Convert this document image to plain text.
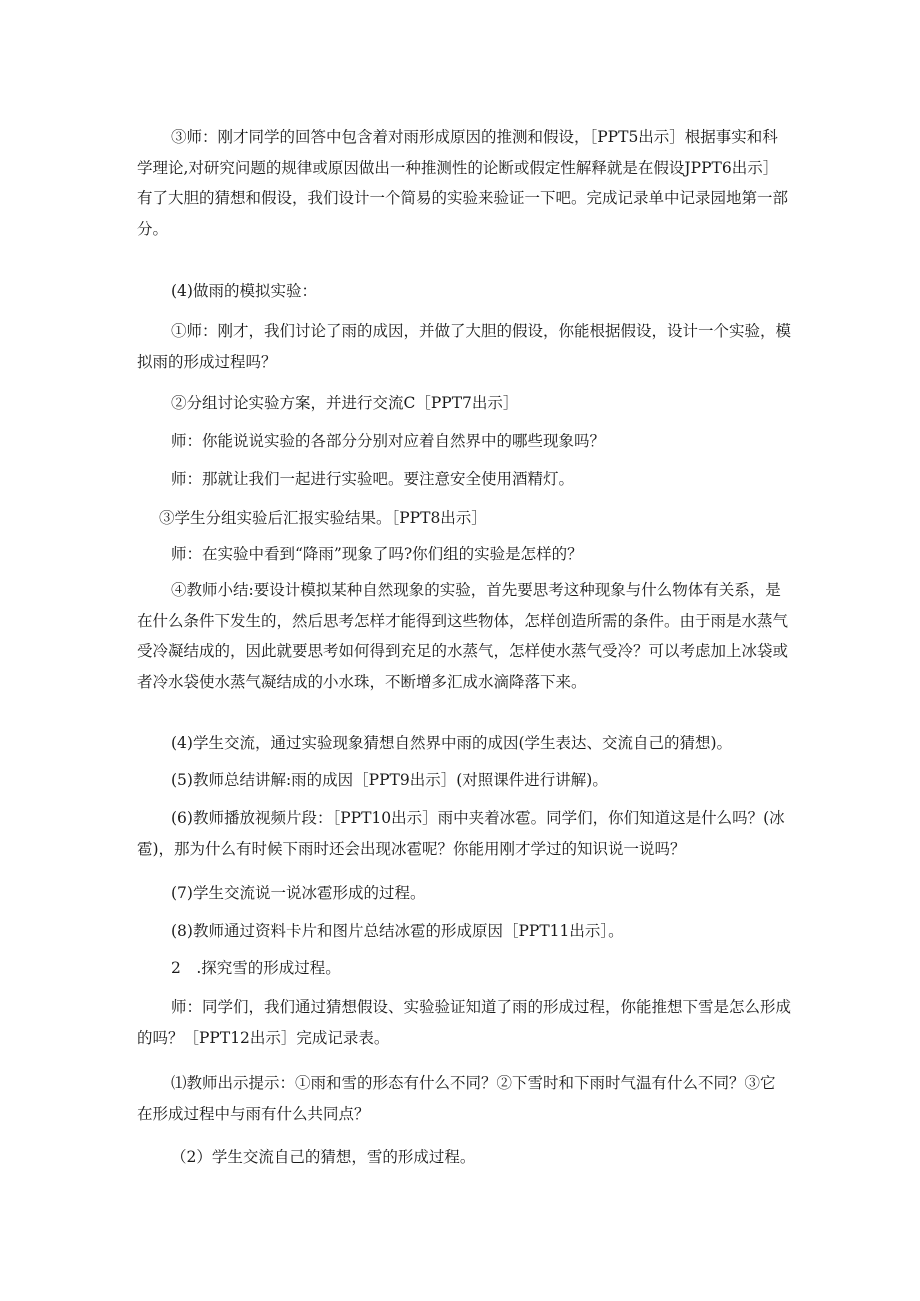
③师：刚才同学的回答中包含着对雨形成原因的推测和假设，［PPT5出示］根据事实和科
学理论,对研究问题的规律或原因做出一种推测性的论断或假定性解释就是在假设JPPT6出示］
有了大胆的猜想和假设，我们设计一个简易的实验来验证一下吧。完成记录单中记录园地第一部
分。
(4)做雨的模拟实验：
①师：刚才，我们讨论了雨的成因，并做了大胆的假设，你能根据假设，设计一个实验，模
拟雨的形成过程吗？
②分组讨论实验方案，并进行交流C［PPT7出示］
师：你能说说实验的各部分分别对应着自然界中的哪些现象吗？
师：那就让我们一起进行实验吧。要注意安全使用酒精灯。
③学生分组实验后汇报实验结果。［PPT8出示］
师：在实验中看到“降雨”现象了吗?你们组的实验是怎样的？
④教师小结:要设计模拟某种自然现象的实验，首先要思考这种现象与什么物体有关系，是
在什么条件下发生的，然后思考怎样才能得到这些物体，怎样创造所需的条件。由于雨是水蒸气
受冷凝结成的，因此就要思考如何得到充足的水蒸气，怎样使水蒸气受冷？可以考虑加上冰袋或
者冷水袋使水蒸气凝结成的小水珠，不断增多汇成水滴降落下来。
(4)学生交流，通过实验现象猜想自然界中雨的成因(学生表达、交流自己的猜想)。
(5)教师总结讲解:雨的成因［PPT9出示］(对照课件进行讲解)。
(6)教师播放视频片段：［PPT10出示］雨中夹着冰雹。同学们，你们知道这是什么吗？(冰
雹)，那为什么有时候下雨时还会出现冰雹呢？你能用刚才学过的知识说一说吗？
(7)学生交流说一说冰雹形成的过程。
(8)教师通过资料卡片和图片总结冰雹的形成原因［PPT11出示］。
2　.探究雪的形成过程。
师：同学们，我们通过猜想假设、实验验证知道了雨的形成过程，你能推想下雪是怎么形成
的吗？［PPT12出示］完成记录表。
⑴教师出示提示：①雨和雪的形态有什么不同？②下雪时和下雨时气温有什么不同？③它
在形成过程中与雨有什么共同点？
（2）学生交流自己的猜想，雪的形成过程。
